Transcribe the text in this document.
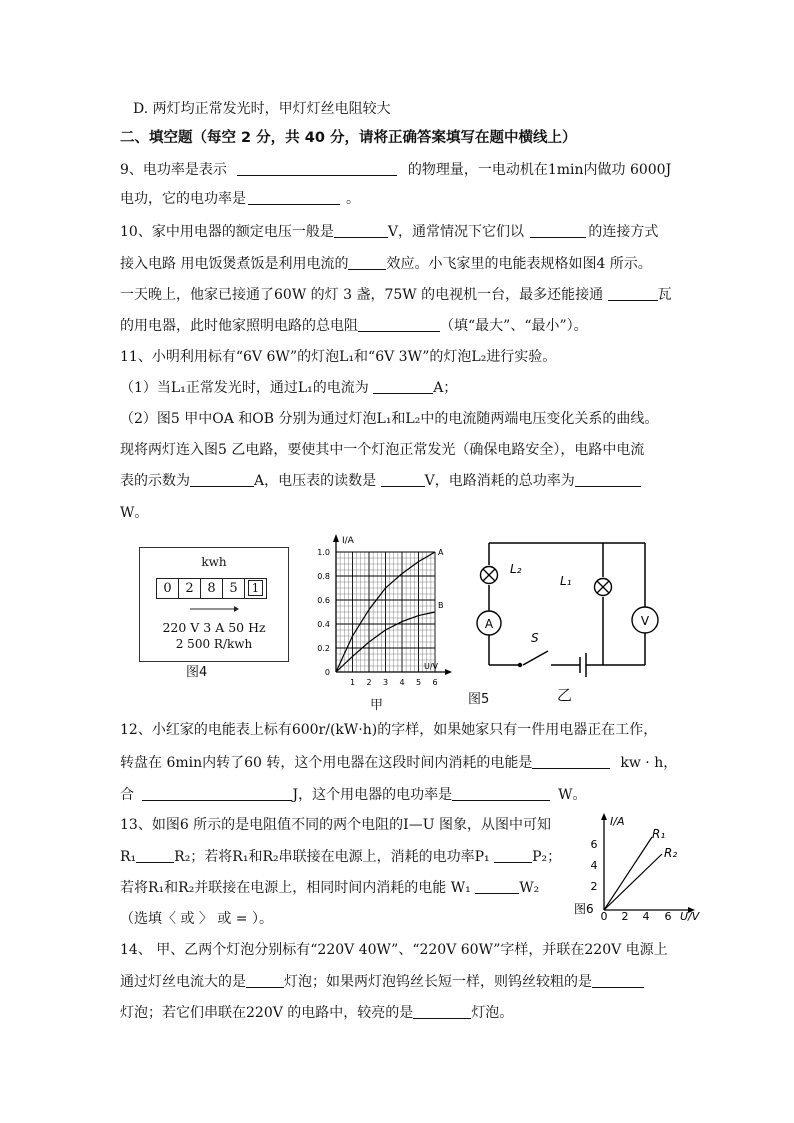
D. 两灯均正常发光时，甲灯灯丝电阻较大
二、填空题（每空 2 分，共 40 分，请将正确答案填写在题中横线上）
9、电功率是表示	的物理量，一电动机在1min内做功 6000J
电功，它的电功率是	。
10、家中用电器的额定电压一般是	V，通常情况下它们以	的连接方式
接入电路 用电饭煲煮饭是利用电流的	效应。小飞家里的电能表规格如图4 所示。
一天晚上，他家已接通了60W 的灯 3 盏，75W 的电视机一台，最多还能接通	瓦
的用电器，此时他家照明电路的总电阻	（填“最大”、“最小”）。
11、小明利用标有“6V 6W”的灯泡L₁和“6V 3W”的灯泡L₂进行实验。
（1）当L₁正常发光时，通过L₁的电流为	A；
（2）图5 甲中OA 和OB 分别为通过灯泡L₁和L₂中的电流随两端电压变化关系的曲线。
现将两灯连入图5 乙电路，要使其中一个灯泡正常发光（确保电路安全），电路中电流
表的示数为	A，电压表的读数是	V，电路消耗的总功率为
W。
kwh
0	2	8	5	1
220 V 3 A 50 Hz
2 500 R/kwh
图4
I/A
U/V
1.0
0.8
0.6
0.4
0.2
0
1 2 3 4 5 6
A
B
甲	图5	乙
A	V
L₂
L₁
S
12、小红家的电能表上标有600r/(kW·h)的字样，如果她家只有一件用电器正在工作，
转盘在 6min内转了60 转，这个用电器在这段时间内消耗的电能是	kw · h，
合	J，这个用电器的电功率是	W。
13、如图6 所示的是电阻值不同的两个电阻的I—U 图象，从图中可知
R₁	R₂；若将R₁和R₂串联接在电源上，消耗的电功率P₁	P₂；
若将R₁和R₂并联接在电源上，相同时间内消耗的电能 W₁	W₂
（选填〈 或 〉 或 = ）。
I/A
U/V
6
4
2
0 2 4 6
R₁
R₂
图6
14、 甲、乙两个灯泡分别标有“220V 40W”、“220V 60W”字样，并联在220V 电源上
通过灯丝电流大的是	灯泡；如果两灯泡钨丝长短一样，则钨丝较粗的是
灯泡；若它们串联在220V 的电路中，较亮的是	灯泡。
